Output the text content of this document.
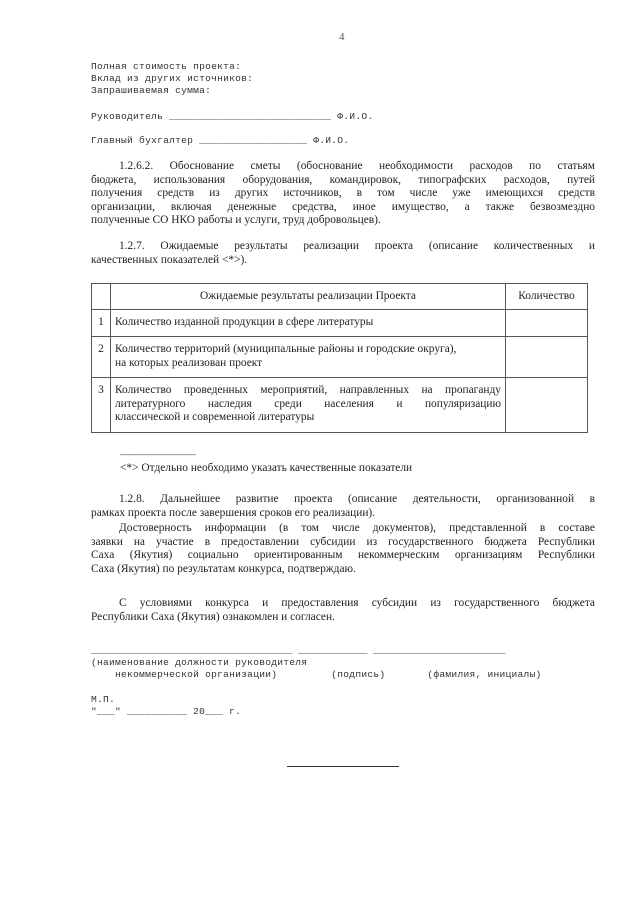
4
Полная стоимость проекта:
Вклад из других источников:
Запрашиваемая сумма:
Руководитель ___________________________ Ф.И.О.
Главный бухгалтер __________________ Ф.И.О.
1.2.6.2. Обоснование сметы (обоснование необходимости расходов по статьям
бюджета, использования оборудования, командировок, типографских расходов, путей
получения средств из других источников, в том числе уже имеющихся средств
организации, включая денежные средства, иное имущество, а также безвозмездно
полученные СО НКО работы и услуги, труд добровольцев).
1.2.7. Ожидаемые результаты реализации проекта (описание количественных и
качественных показателей <*>).
	Ожидаемые результаты реализации Проекта	Количество
1	Количество изданной продукции в сфере литературы	

2	Количество территорий (муниципальные районы и городские округа),
на которых реализован проект	

3	Количество проведенных мероприятий, направленных на пропаганду
литературного наследия среди населения и популяризацию
классической и современной литературы	

--------------------------------
<*> Отдельно необходимо указать качественные показатели
1.2.8. Дальнейшее развитие проекта (описание деятельности, организованной в
рамках проекта после завершения сроков его реализации).
Достоверность информации (в том числе документов), представленной в составе
заявки на участие в предоставлении субсидии из государственного бюджета Республики
Саха (Якутия) социально ориентированным некоммерческим организациям Республики
Саха (Якутия) по результатам конкурса, подтверждаю.
С условиями конкурса и предоставления субсидии из государственного бюджета
Республики Саха (Якутия) ознакомлен и согласен.
___________________________________ ____________ _______________________
(наименование должности руководителя
некоммерческой организации)         (подпись)       (фамилия, инициалы)
М.П.
"___" __________ 20___ г.
